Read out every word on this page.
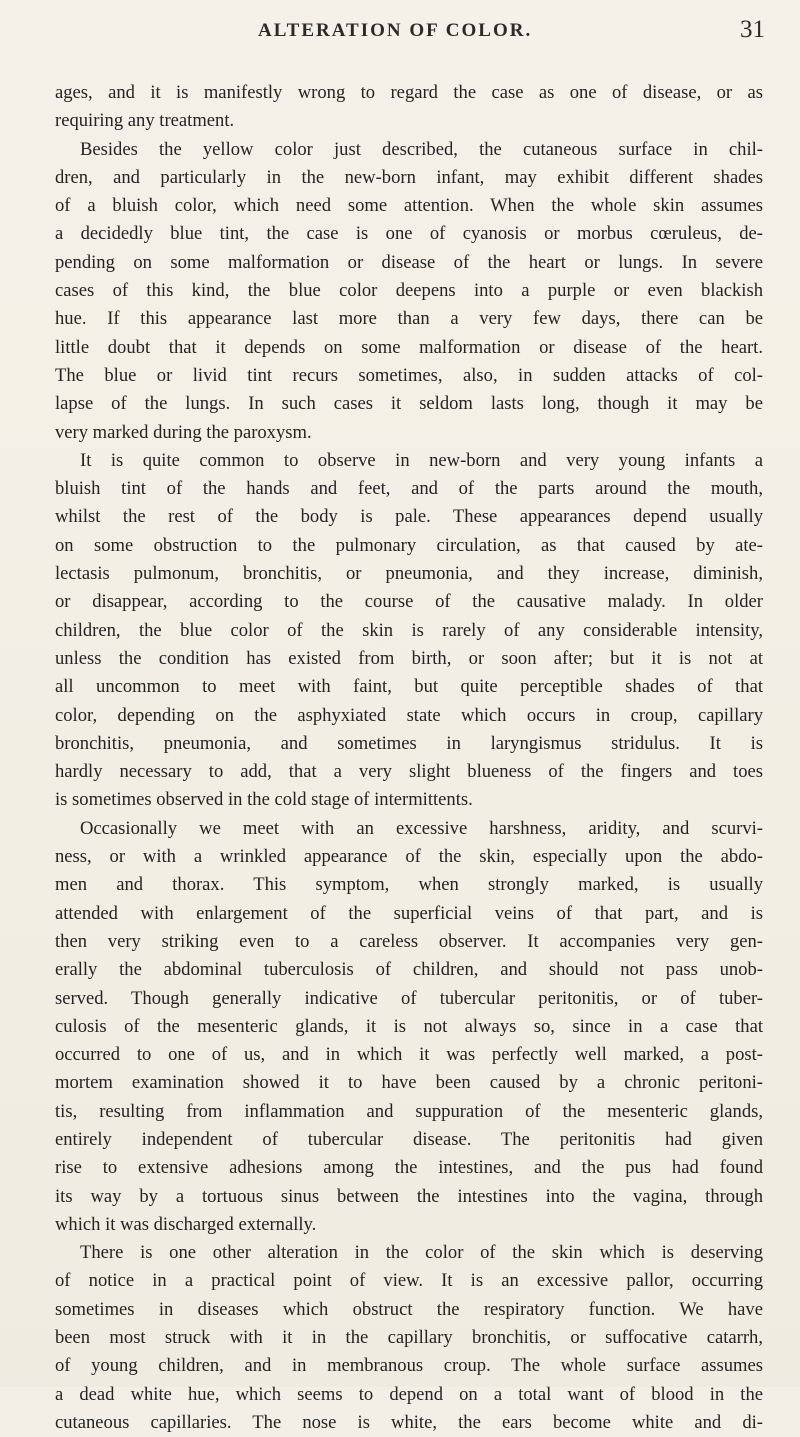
ALTERATION OF COLOR.	31
ages, and it is manifestly wrong to regard the case as one of disease, or as
requiring any treatment.
Besides the yellow color just described, the cutaneous surface in chil-
dren, and particularly in the new-born infant, may exhibit different shades
of a bluish color, which need some attention. When the whole skin assumes
a decidedly blue tint, the case is one of cyanosis or morbus cœruleus, de-
pending on some malformation or disease of the heart or lungs. In severe
cases of this kind, the blue color deepens into a purple or even blackish
hue. If this appearance last more than a very few days, there can be
little doubt that it depends on some malformation or disease of the heart.
The blue or livid tint recurs sometimes, also, in sudden attacks of col-
lapse of the lungs. In such cases it seldom lasts long, though it may be
very marked during the paroxysm.
It is quite common to observe in new-born and very young infants a
bluish tint of the hands and feet, and of the parts around the mouth,
whilst the rest of the body is pale. These appearances depend usually
on some obstruction to the pulmonary circulation, as that caused by ate-
lectasis pulmonum, bronchitis, or pneumonia, and they increase, diminish,
or disappear, according to the course of the causative malady. In older
children, the blue color of the skin is rarely of any considerable intensity,
unless the condition has existed from birth, or soon after; but it is not at
all uncommon to meet with faint, but quite perceptible shades of that
color, depending on the asphyxiated state which occurs in croup, capillary
bronchitis, pneumonia, and sometimes in laryngismus stridulus. It is
hardly necessary to add, that a very slight blueness of the fingers and toes
is sometimes observed in the cold stage of intermittents.
Occasionally we meet with an excessive harshness, aridity, and scurvi-
ness, or with a wrinkled appearance of the skin, especially upon the abdo-
men and thorax. This symptom, when strongly marked, is usually
attended with enlargement of the superficial veins of that part, and is
then very striking even to a careless observer. It accompanies very gen-
erally the abdominal tuberculosis of children, and should not pass unob-
served. Though generally indicative of tubercular peritonitis, or of tuber-
culosis of the mesenteric glands, it is not always so, since in a case that
occurred to one of us, and in which it was perfectly well marked, a post-
mortem examination showed it to have been caused by a chronic peritoni-
tis, resulting from inflammation and suppuration of the mesenteric glands,
entirely independent of tubercular disease. The peritonitis had given
rise to extensive adhesions among the intestines, and the pus had found
its way by a tortuous sinus between the intestines into the vagina, through
which it was discharged externally.
There is one other alteration in the color of the skin which is deserving
of notice in a practical point of view. It is an excessive pallor, occurring
sometimes in diseases which obstruct the respiratory function. We have
been most struck with it in the capillary bronchitis, or suffocative catarrh,
of young children, and in membranous croup. The whole surface assumes
a dead white hue, which seems to depend on a total want of blood in the
cutaneous capillaries. The nose is white, the ears become white and di-
